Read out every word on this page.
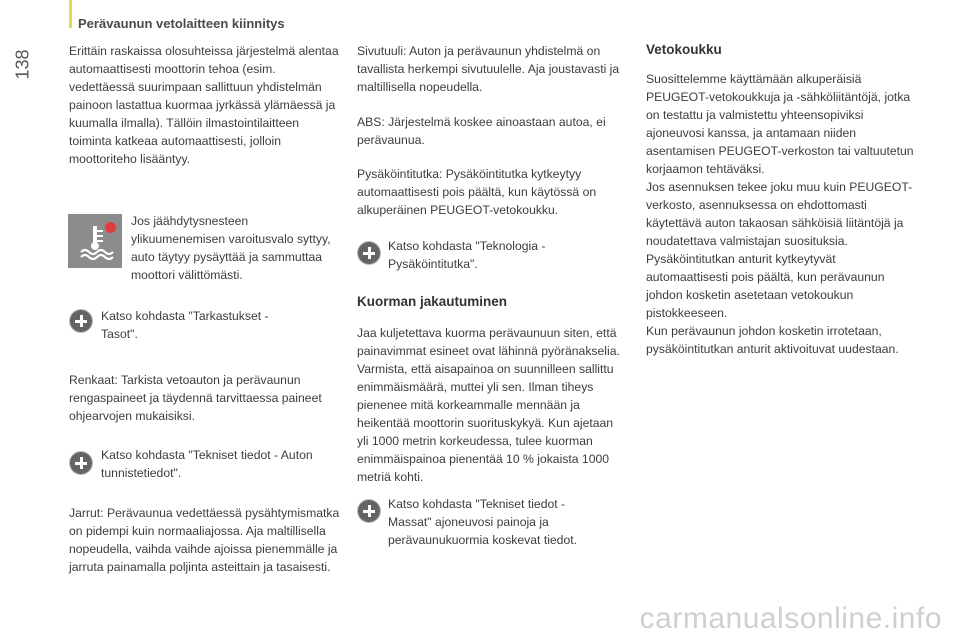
Perävaunun vetolaitteen kiinnitys
138	Erittäin raskaissa olosuhteissa järjestelmä alentaa automaattisesti moottorin tehoa (esim. vedettäessä suurimpaan sallittuun yhdistelmän painoon lastattua kuormaa jyrkässä ylämäessä ja kuumalla ilmalla). Tällöin ilmastointilaitteen toiminta katkeaa automaattisesti, jolloin moottoriteho lisääntyy.

Jos jäähdytysnesteen ylikuumenemisen varoitusvalo syttyy, auto täytyy pysäyttää ja sammuttaa moottori välittömästi.

Katso kohdasta "Tarkastukset - Tasot".

Renkaat: Tarkista vetoauton ja perävaunun rengaspaineet ja täydennä tarvittaessa paineet ohjearvojen mukaisiksi.

Katso kohdasta "Tekniset tiedot - Auton tunnistetiedot".

Jarrut: Perävaunua vedettäessä pysähtymismatka on pidempi kuin normaaliajossa. Aja maltillisella nopeudella, vaihda vaihde ajoissa pienemmälle ja jarruta painamalla poljinta asteittain ja tasaisesti.

Sivutuuli: Auton ja perävaunun yhdistelmä on tavallista herkempi sivutuulelle. Aja joustavasti ja maltillisella nopeudella.

ABS: Järjestelmä koskee ainoastaan autoa, ei perävaunua.

Pysäköintitutka: Pysäköintitutka kytkeytyy automaattisesti pois päältä, kun käytössä on alkuperäinen PEUGEOT-vetokoukku.

Katso kohdasta "Teknologia - Pysäköintitutka".

Kuorman jakautuminen

Jaa kuljetettava kuorma perävaunuun siten, että painavimmat esineet ovat lähinnä pyöränakselia. Varmista, että aisapainoa on suunnilleen sallittu enimmäismäärä, muttei yli sen. Ilman tiheys pienenee mitä korkeammalle mennään ja heikentää moottorin suorituskykyä. Kun ajetaan yli 1000 metrin korkeudessa, tulee kuorman enimmäispainoa pienentää 10 % jokaista 1000 metriä kohti.

Katso kohdasta "Tekniset tiedot - Massat" ajoneuvosi painoja ja perävaunukuormia koskevat tiedot.

Vetokoukku

Suosittelemme käyttämään alkuperäisiä PEUGEOT-vetokoukkuja ja -sähköliitäntöjä, jotka on testattu ja valmistettu yhteensopiviksi ajoneuvosi kanssa, ja antamaan niiden asentamisen PEUGEOT-verkoston tai valtuutetun korjaamon tehtäväksi.
Jos asennuksen tekee joku muu kuin PEUGEOT-verkosto, asennuksessa on ehdottomasti käytettävä auton takaosan sähköisiä liitäntöjä ja noudatettava valmistajan suosituksia.
Pysäköintitutkan anturit kytkeytyvät automaattisesti pois päältä, kun perävaunun johdon kosketin asetetaan vetokoukun pistokkeeseen.
Kun perävaunun johdon kosketin irrotetaan, pysäköintitutkan anturit aktivoituvat uudestaan.

carmanualsonline.info
